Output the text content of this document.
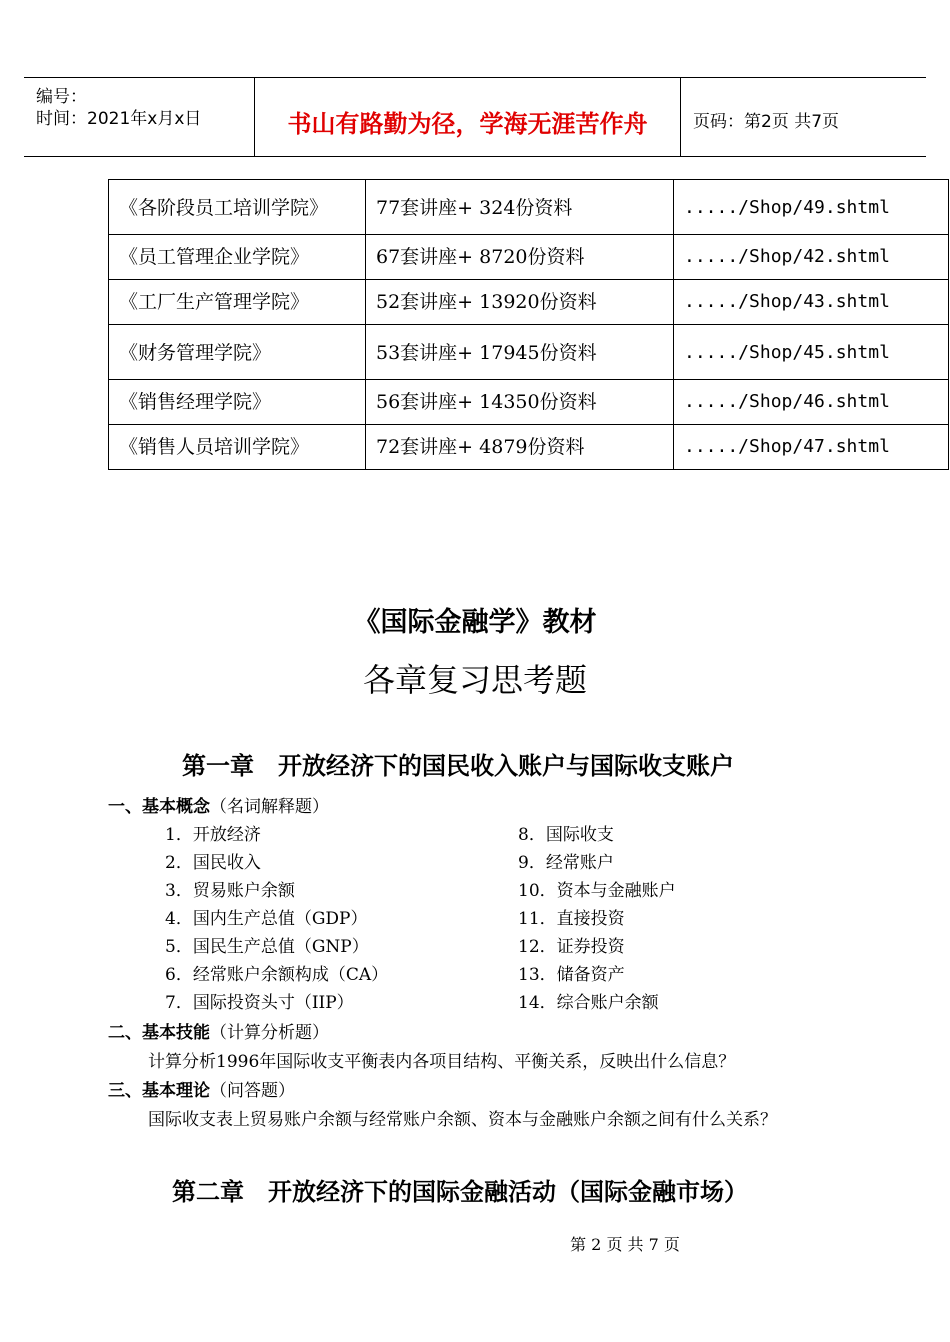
编号：
时间：2021年x月x日	书山有路勤为径，学海无涯苦作舟	页码：第2页 共7页
《各阶段员工培训学院》	77套讲座+ 324份资料	...../Shop/49.shtml
《员工管理企业学院》	67套讲座+ 8720份资料	...../Shop/42.shtml
《工厂生产管理学院》	52套讲座+ 13920份资料	...../Shop/43.shtml
《财务管理学院》	53套讲座+ 17945份资料	...../Shop/45.shtml
《销售经理学院》	56套讲座+ 14350份资料	...../Shop/46.shtml
《销售人员培训学院》	72套讲座+ 4879份资料	...../Shop/47.shtml
《国际金融学》教材
各章复习思考题
第一章　开放经济下的国民收入账户与国际收支账户
一、基本概念（名词解释题）
1．开放经济
2．国民收入
3．贸易账户余额
4．国内生产总值（GDP）
5．国民生产总值（GNP）
6．经常账户余额构成（CA）
7．国际投资头寸（IIP）
8．国际收支
9．经常账户
10．资本与金融账户
11．直接投资
12．证券投资
13．储备资产
14．综合账户余额
二、基本技能（计算分析题）
计算分析1996年国际收支平衡表内各项目结构、平衡关系，反映出什么信息？
三、基本理论（问答题）
国际收支表上贸易账户余额与经常账户余额、资本与金融账户余额之间有什么关系？
第二章　开放经济下的国际金融活动（国际金融市场）
第 2 页 共 7 页
